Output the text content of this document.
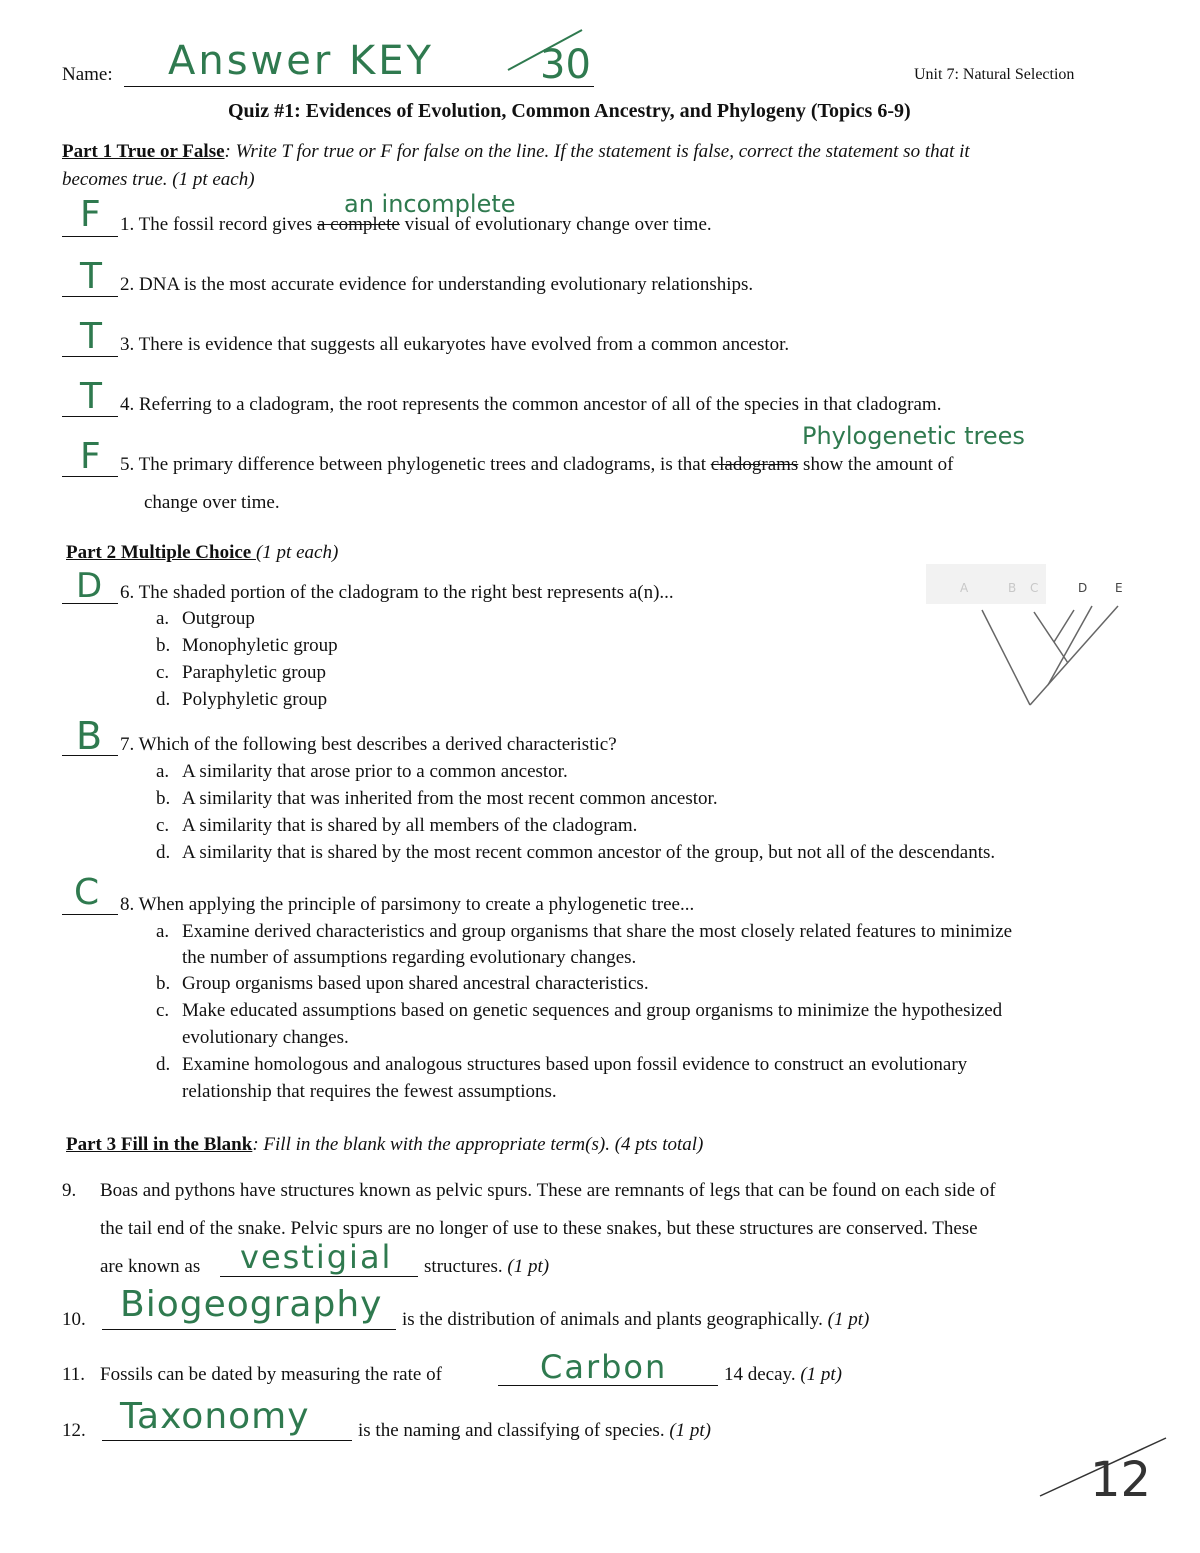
Name: Answer KEY	30	Unit 7: Natural Selection
Quiz #1: Evidences of Evolution, Common Ancestry, and Phylogeny (Topics 6-9)
Part 1 True or False: Write T for true or F for false on the line. If the statement is false, correct the statement so that it
becomes true. (1 pt each)
F	an incomplete
1. The fossil record gives a complete visual of evolutionary change over time.
T 2. DNA is the most accurate evidence for understanding evolutionary relationships.
T 3. There is evidence that suggests all eukaryotes have evolved from a common ancestor.
T 4. Referring to a cladogram, the root represents the common ancestor of all of the species in that cladogram.
F	Phylogenetic trees
5. The primary difference between phylogenetic trees and cladograms, is that cladograms show the amount of
change over time.
Part 2 Multiple Choice (1 pt each)
D 6. The shaded portion of the cladogram to the right best represents a(n)...
a. Outgroup
b. Monophyletic group
c. Paraphyletic group
d. Polyphyletic group
A	B C	D E
B 7. Which of the following best describes a derived characteristic?
a. A similarity that arose prior to a common ancestor.
b. A similarity that was inherited from the most recent common ancestor.
c. A similarity that is shared by all members of the cladogram.
d. A similarity that is shared by the most recent common ancestor of the group, but not all of the descendants.
C 8. When applying the principle of parsimony to create a phylogenetic tree...
a. Examine derived characteristics and group organisms that share the most closely related features to minimize
the number of assumptions regarding evolutionary changes.
b. Group organisms based upon shared ancestral characteristics.
c. Make educated assumptions based on genetic sequences and group organisms to minimize the hypothesized
evolutionary changes.
d. Examine homologous and analogous structures based upon fossil evidence to construct an evolutionary
relationship that requires the fewest assumptions.
Part 3 Fill in the Blank: Fill in the blank with the appropriate term(s). (4 pts total)
9. Boas and pythons have structures known as pelvic spurs. These are remnants of legs that can be found on each side of
the tail end of the snake. Pelvic spurs are no longer of use to these snakes, but these structures are conserved. These
are known as vestigial structures. (1 pt)
10. Biogeography is the distribution of animals and plants geographically. (1 pt)
11. Fossils can be dated by measuring the rate of	Carbon	14 decay. (1 pt)
12. Taxonomy	is the naming and classifying of species. (1 pt)
12
